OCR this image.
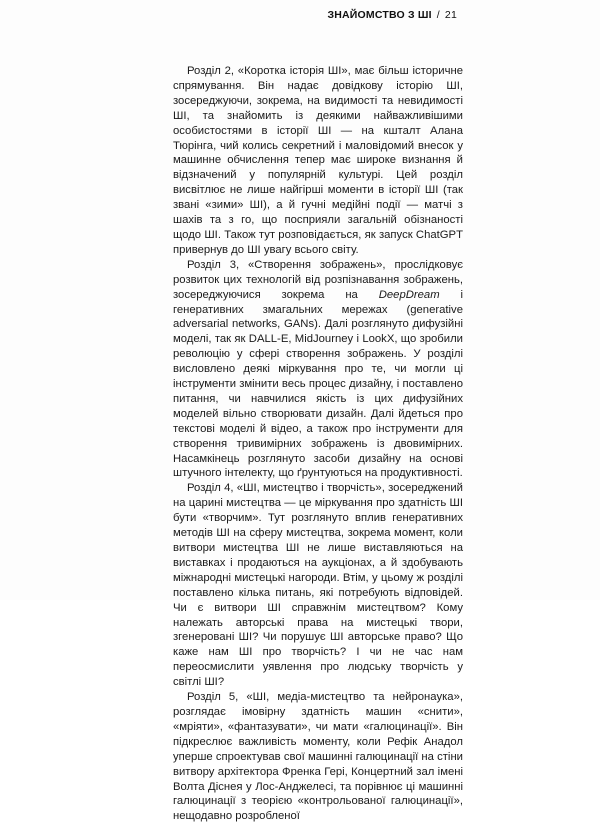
ЗНАЙОМСТВО З ШІ / 21

Розділ 2, «Коротка історія ШІ», має більш історичне спрямування. Він надає довідкову історію ШІ, зосереджуючи, зокрема, на видимості та невидимості ШІ, та знайомить із деякими найважливішими особистостями в історії ШІ — на кшталт Алана Тюрінга, чий колись секретний і маловідомий внесок у машинне обчислення тепер має широке визнання й відзначений у популярній культурі. Цей розділ висвітлює не лише найгірші моменти в історії ШІ (так звані «зими» ШІ), а й гучні медійні події — матчі з шахів та з го, що посприяли загальній обізнаності щодо ШІ. Також тут розповідається, як запуск ChatGPT привернув до ШІ увагу всього світу.

Розділ 3, «Створення зображень», прослідковує розвиток цих технологій від розпізнавання зображень, зосереджуючися зокрема на DeepDream і генеративних змагальних мережах (generative adversarial networks, GANs). Далі розглянуто дифузійні моделі, так як DALL-E, MidJourney і LookX, що зробили революцію у сфері створення зображень. У розділі висловлено деякі міркування про те, чи могли ці інструменти змінити весь процес дизайну, і поставлено питання, чи навчилися якість із цих дифузійних моделей вільно створювати дизайн. Далі йдеться про текстові моделі й відео, а також про інструменти для створення тривимірних зображень із двовимірних. Насамкінець розглянуто засоби дизайну на основі штучного інтелекту, що ґрунтуються на продуктивності.

Розділ 4, «ШІ, мистецтво і творчість», зосереджений на царині мистецтва — це міркування про здатність ШІ бути «творчим». Тут розглянуто вплив генеративних методів ШІ на сферу мистецтва, зокрема момент, коли витвори мистецтва ШІ не лише виставляються на виставках і продаються на аукціонах, а й здобувають міжнародні мистецькі нагороди. Втім, у цьому ж розділі поставлено кілька питань, які потребують відповідей. Чи є витвори ШІ справжнім мистецтвом? Кому належать авторські права на мистецькі твори, згенеровані ШІ? Чи порушує ШІ авторське право? Що каже нам ШІ про творчість? І чи не час нам переосмислити уявлення про людську творчість у світлі ШІ?

Розділ 5, «ШІ, медіа-мистецтво та нейронаука», розглядає імовірну здатність машин «снити», «мріяти», «фантазувати», чи мати «галюцинації». Він підкреслює важливість моменту, коли Рефік Анадол уперше спроектував свої машинні галюцинації на стіни витвору архітектора Френка Гері, Концертний зал імені Волта Діснея у Лос-Анджелесі, та порівнює ці машинні галюцинації з теорією «контрольованої галюцинації», нещодавно розробленої
